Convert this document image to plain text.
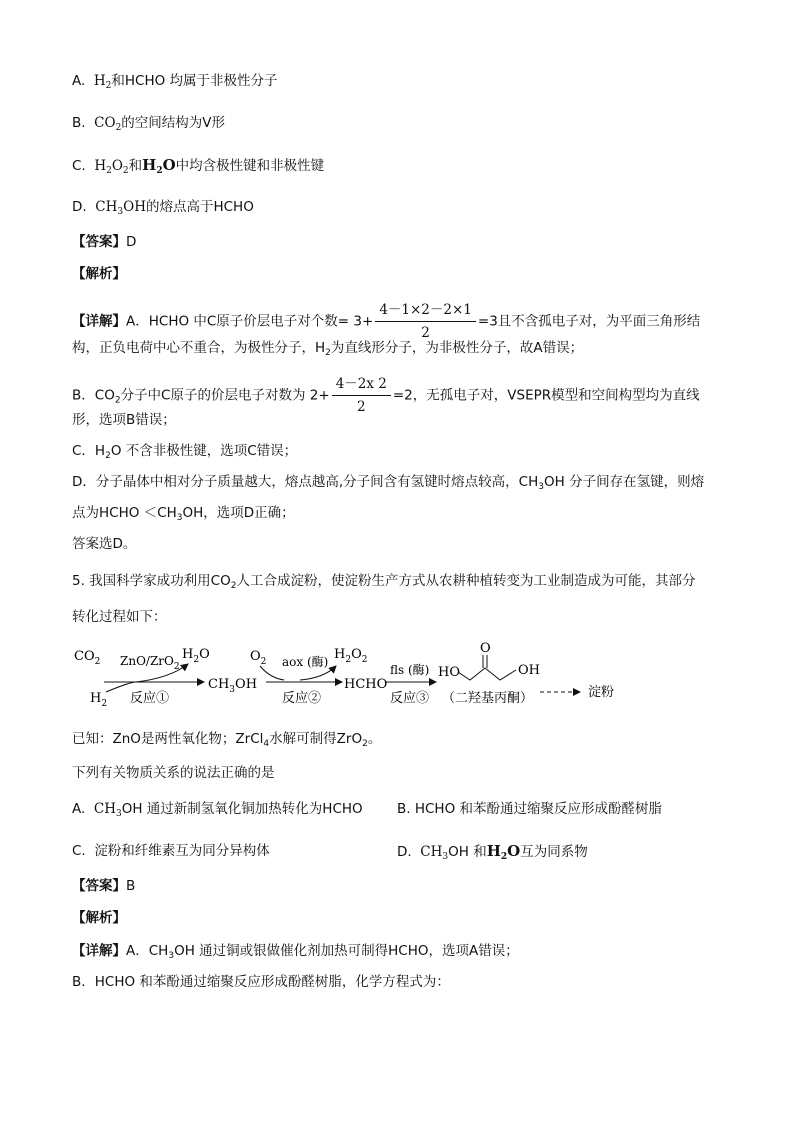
A. $H_2$和HCHO 均属于非极性分子
B. $CO_2$的空间结构为V形
C. $H_2O_2$和$H_2O$中均含极性键和非极性键
D. $CH_3OH$的熔点高于HCHO
【答案】D
【解析】
【详解】A．HCHO 中C原子价层电子对个数= $3+ \frac{4-1\times 2-2\times 1}{2} =3$且不含孤电子对，为平面三角形结
构，正负电荷中心不重合，为极性分子，$H_2$为直线形分子，为非极性分子，故A错误；
B．$CO_2$分子中C原子的价层电子对数为 $2+ \frac{4-2x 2}{2} =2$，无孤电子对，VSEPR模型和空间构型均为直线
形，选项B错误；
C．$H_2O$ 不含非极性键，选项C错误；
D．分子晶体中相对分子质量越大，熔点越高,分子间含有氢键时熔点较高，$CH_3OH$ 分子间存在氢键，则熔
点为HCHO $<CH_3OH$，选项D正确；
答案选D。
5. 我国科学家成功利用$CO_2$人工合成淀粉，使淀粉生产方式从农耕种植转变为工业制造成为可能，其部分
转化过程如下：
$CO_2$ ZnO/ZrO$_2$
$H_2O$
$H_2$ 反应①
$CH_3OH$
$O_2$ aox (酶) $H_2O_2$
反应②
HCHO
fls (酶)
反应③
HO
O
OH
（二羟基丙酮）	淀粉
已知：ZnO是两性氧化物；ZrCl$_4$水解可制得ZrO$_2$。
下列有关物质关系的说法正确的是
A. $CH_3OH$ 通过新制氢氧化铜加热转化为HCHO	B. HCHO 和苯酚通过缩聚反应形成酚醛树脂
C. 淀粉和纤维素互为同分异构体	D. $CH_3OH$ 和$H_2O$互为同系物
【答案】B
【解析】
【详解】A．$CH_3OH$ 通过铜或银做催化剂加热可制得HCHO，选项A错误；
B．HCHO 和苯酚通过缩聚反应形成酚醛树脂，化学方程式为：
